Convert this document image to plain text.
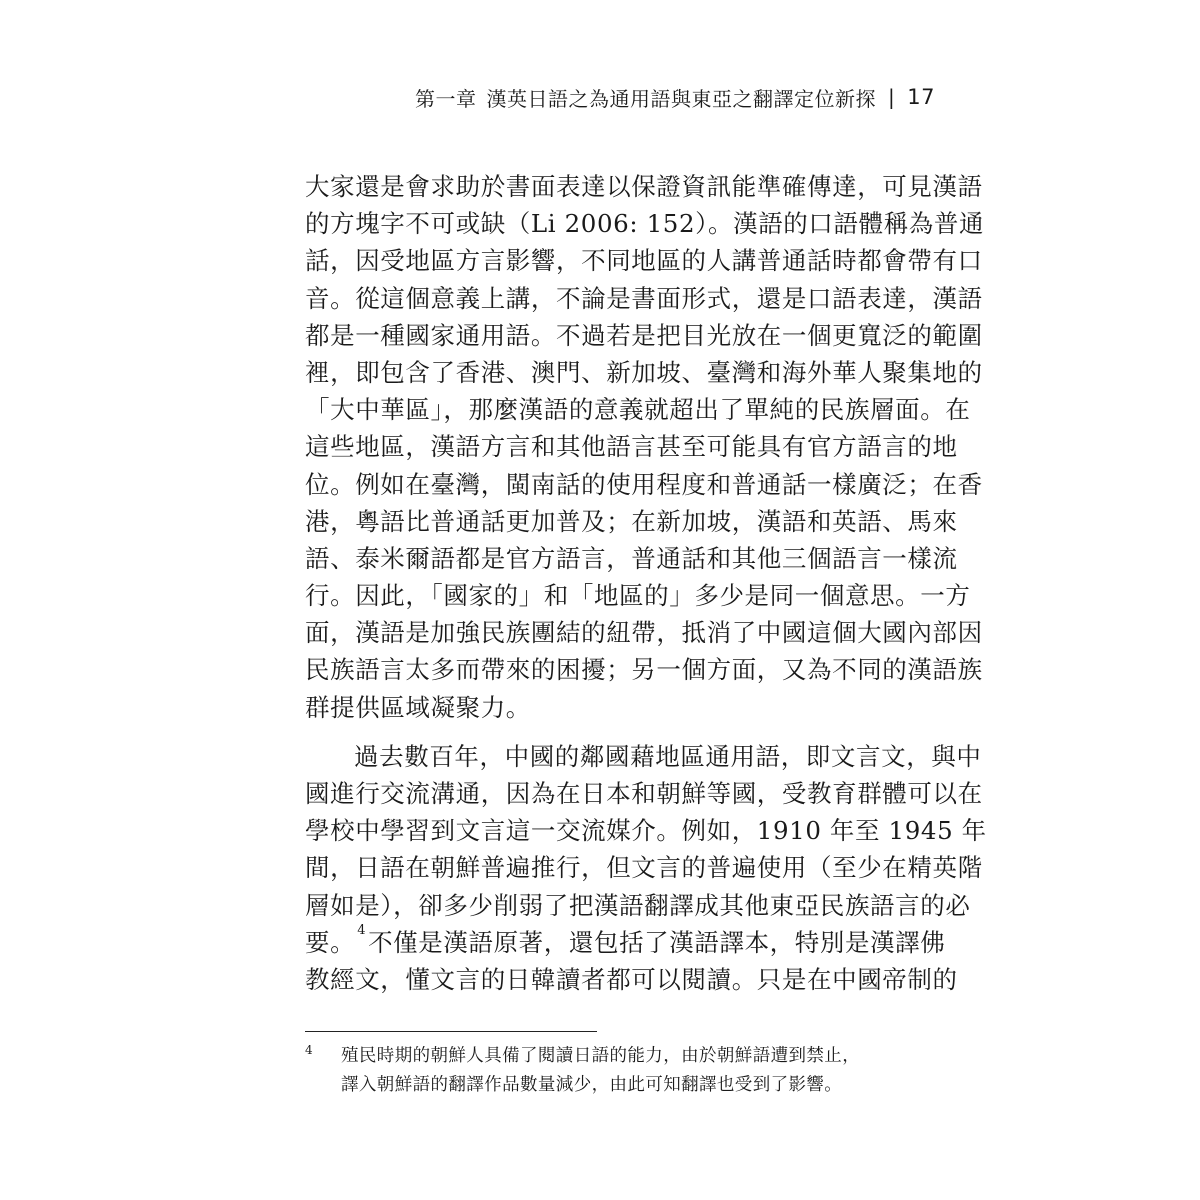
第一章 漢英日語之為通用語與東亞之翻譯定位新探 | 17
大家還是會求助於書面表達以保證資訊能準確傳達，可見漢語
的方塊字不可或缺（Li 2006: 152）。漢語的口語體稱為普通
話，因受地區方言影響，不同地區的人講普通話時都會帶有口
音。從這個意義上講，不論是書面形式，還是口語表達，漢語
都是一種國家通用語。不過若是把目光放在一個更寬泛的範圍
裡，即包含了香港、澳門、新加坡、臺灣和海外華人聚集地的
「大中華區」，那麼漢語的意義就超出了單純的民族層面。在
這些地區，漢語方言和其他語言甚至可能具有官方語言的地
位。例如在臺灣，閩南話的使用程度和普通話一樣廣泛；在香
港，粵語比普通話更加普及；在新加坡，漢語和英語、馬來
語、泰米爾語都是官方語言，普通話和其他三個語言一樣流
行。因此，「國家的」和「地區的」多少是同一個意思。一方
面，漢語是加強民族團結的紐帶，抵消了中國這個大國內部因
民族語言太多而帶來的困擾；另一個方面，又為不同的漢語族
群提供區域凝聚力。
過去數百年，中國的鄰國藉地區通用語，即文言文，與中
國進行交流溝通，因為在日本和朝鮮等國，受教育群體可以在
學校中學習到文言這一交流媒介。例如，1910 年至 1945 年
間，日語在朝鮮普遍推行，但文言的普遍使用（至少在精英階
層如是），卻多少削弱了把漢語翻譯成其他東亞民族語言的必
要。 $^4$不僅是漢語原著，還包括了漢語譯本，特別是漢譯佛
教經文，懂文言的日韓讀者都可以閱讀。只是在中國帝制的
4 殖民時期的朝鮮人具備了閱讀日語的能力，由於朝鮮語遭到禁止，
譯入朝鮮語的翻譯作品數量減少，由此可知翻譯也受到了影響。
